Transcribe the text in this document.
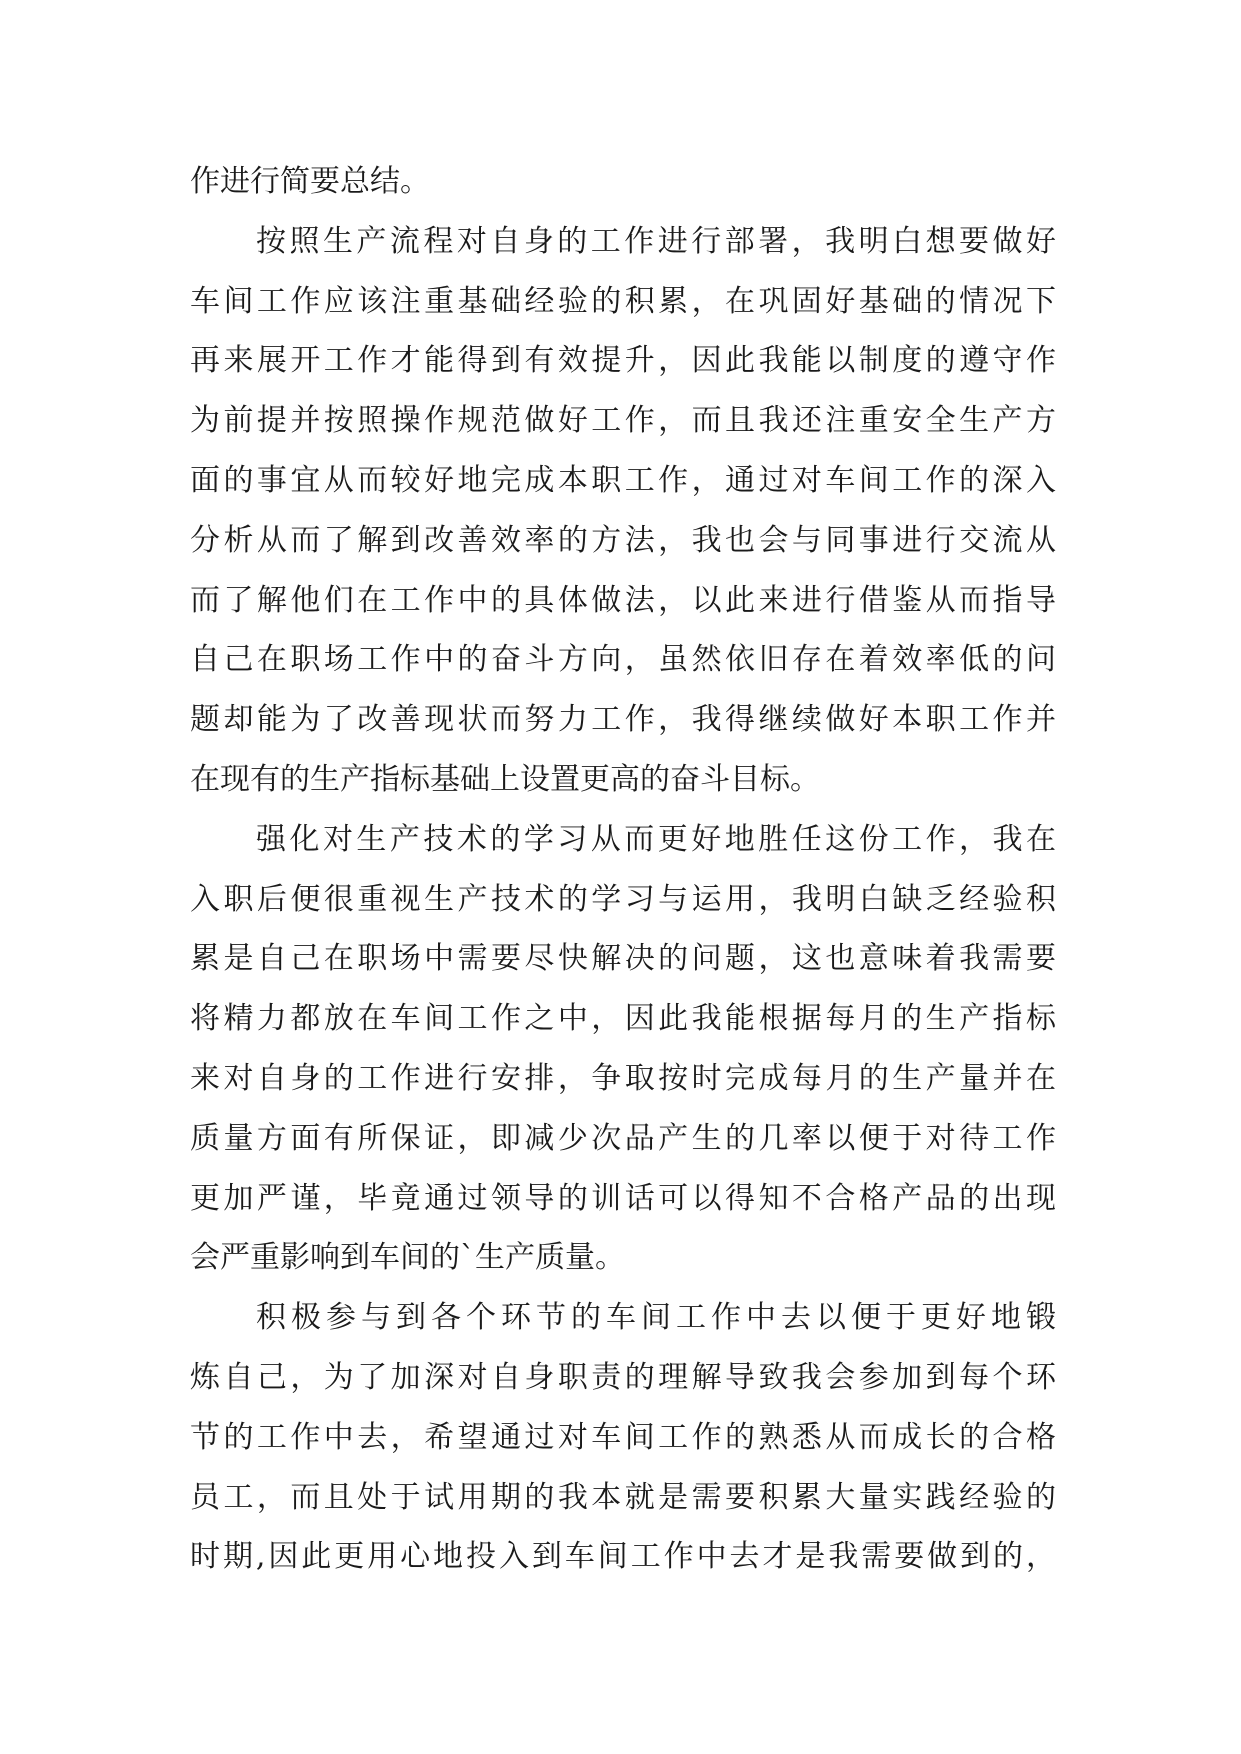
作进行简要总结。
按照生产流程对自身的工作进行部署，我明白想要做好
车间工作应该注重基础经验的积累，在巩固好基础的情况下
再来展开工作才能得到有效提升，因此我能以制度的遵守作
为前提并按照操作规范做好工作，而且我还注重安全生产方
面的事宜从而较好地完成本职工作，通过对车间工作的深入
分析从而了解到改善效率的方法，我也会与同事进行交流从
而了解他们在工作中的具体做法，以此来进行借鉴从而指导
自己在职场工作中的奋斗方向，虽然依旧存在着效率低的问
题却能为了改善现状而努力工作，我得继续做好本职工作并
在现有的生产指标基础上设置更高的奋斗目标。
强化对生产技术的学习从而更好地胜任这份工作，我在
入职后便很重视生产技术的学习与运用，我明白缺乏经验积
累是自己在职场中需要尽快解决的问题，这也意味着我需要
将精力都放在车间工作之中，因此我能根据每月的生产指标
来对自身的工作进行安排，争取按时完成每月的生产量并在
质量方面有所保证，即减少次品产生的几率以便于对待工作
更加严谨，毕竟通过领导的训话可以得知不合格产品的出现
会严重影响到车间的`生产质量。
积极参与到各个环节的车间工作中去以便于更好地锻
炼自己，为了加深对自身职责的理解导致我会参加到每个环
节的工作中去，希望通过对车间工作的熟悉从而成长的合格
员工，而且处于试用期的我本就是需要积累大量实践经验的
时期,因此更用心地投入到车间工作中去才是我需要做到的，
